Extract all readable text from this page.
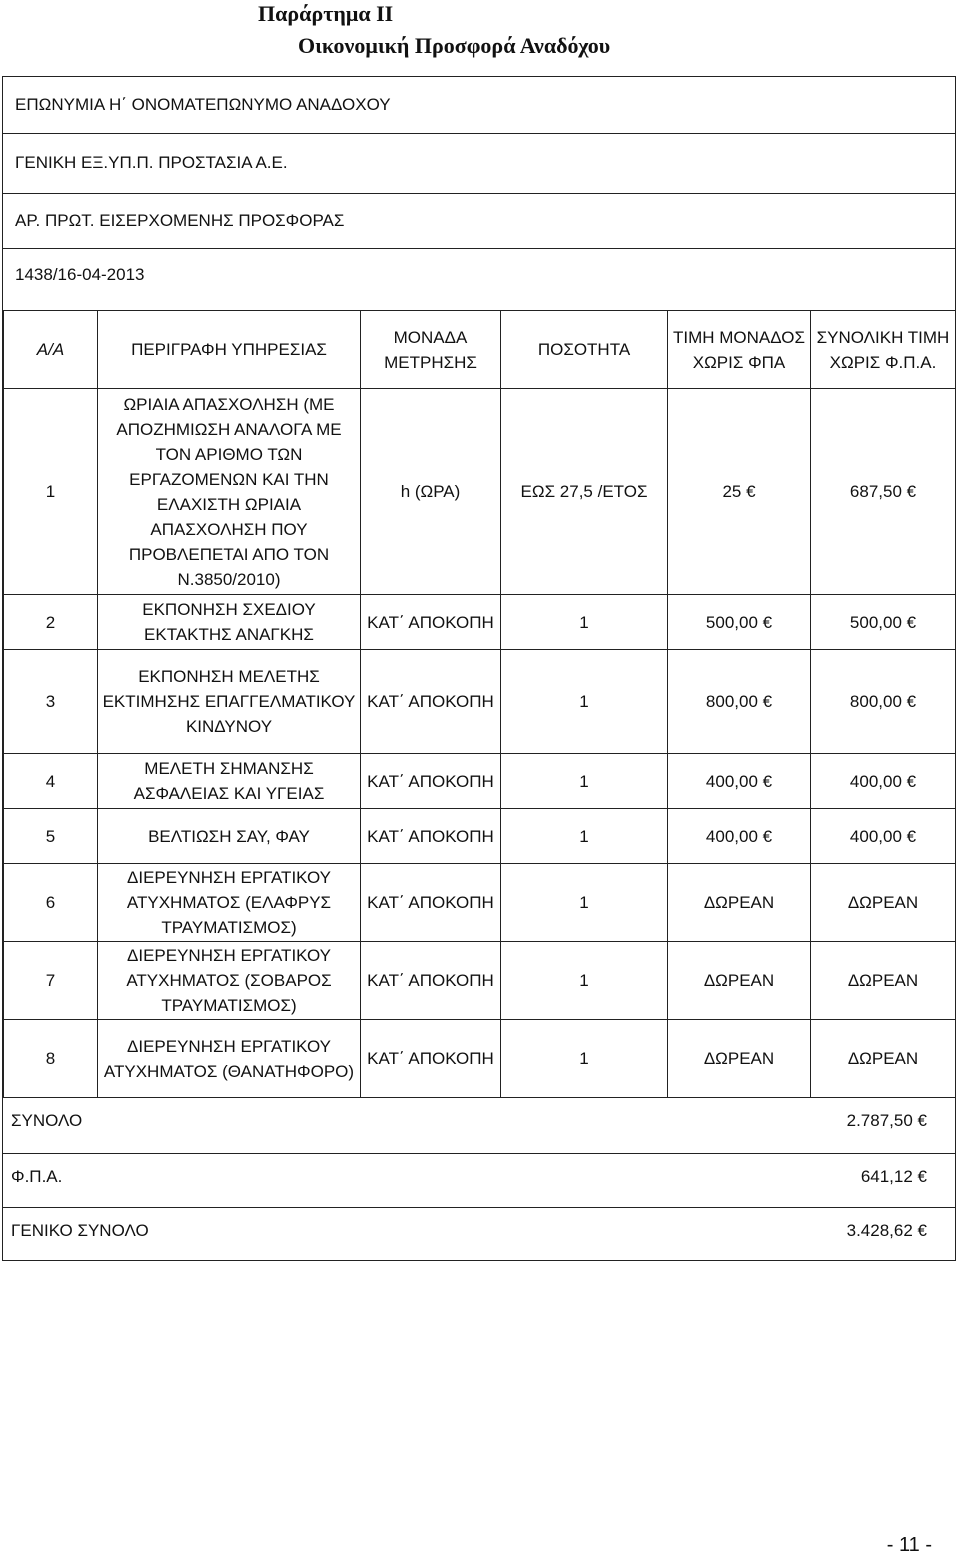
Παράρτημα ΙΙ
Οικονομική Προσφορά Αναδόχου
ΕΠΩΝΥΜΙΑ Η΄ ΟΝΟΜΑΤΕΠΩΝΥΜΟ ΑΝΑΔΟΧΟΥ
ΓΕΝΙΚΗ ΕΞ.ΥΠ.Π. ΠΡΟΣΤΑΣΙΑ Α.Ε.
ΑΡ. ΠΡΩΤ. ΕΙΣΕΡΧΟΜΕΝΗΣ ΠΡΟΣΦΟΡΑΣ
1438/16-04-2013
Α/Α	ΠΕΡΙΓΡΑΦΗ ΥΠΗΡΕΣΙΑΣ	ΜΟΝΑΔΑ ΜΕΤΡΗΣΗΣ	ΠΟΣΟΤΗΤΑ	ΤΙΜΗ ΜΟΝΑΔΟΣ ΧΩΡΙΣ ΦΠΑ	ΣΥΝΟΛΙΚΗ ΤΙΜΗ ΧΩΡΙΣ Φ.Π.Α.
1	ΩΡΙΑΙΑ ΑΠΑΣΧΟΛΗΣΗ (ΜΕ ΑΠΟΖΗΜΙΩΣΗ ΑΝΑΛΟΓΑ ΜΕ ΤΟΝ ΑΡΙΘΜΟ ΤΩΝ ΕΡΓΑΖΟΜΕΝΩΝ ΚΑΙ ΤΗΝ ΕΛΑΧΙΣΤΗ ΩΡΙΑΙΑ ΑΠΑΣΧΟΛΗΣΗ ΠΟΥ ΠΡΟΒΛΕΠΕΤΑΙ ΑΠΟ ΤΟΝ Ν.3850/2010)	h (ΩΡΑ)	ΕΩΣ 27,5 /ΕΤΟΣ	25 €	687,50 €
2	ΕΚΠΟΝΗΣΗ ΣΧΕΔΙΟΥ ΕΚΤΑΚΤΗΣ ΑΝΑΓΚΗΣ	ΚΑΤ΄ ΑΠΟΚΟΠΗ	1	500,00 €	500,00 €
3	ΕΚΠΟΝΗΣΗ ΜΕΛΕΤΗΣ ΕΚΤΙΜΗΣΗΣ ΕΠΑΓΓΕΛΜΑΤΙΚΟΥ ΚΙΝΔΥΝΟΥ	ΚΑΤ΄ ΑΠΟΚΟΠΗ	1	800,00 €	800,00 €
4	ΜΕΛΕΤΗ ΣΗΜΑΝΣΗΣ ΑΣΦΑΛΕΙΑΣ ΚΑΙ ΥΓΕΙΑΣ	ΚΑΤ΄ ΑΠΟΚΟΠΗ	1	400,00 €	400,00 €
5	ΒΕΛΤΙΩΣΗ ΣΑΥ, ΦΑΥ	ΚΑΤ΄ ΑΠΟΚΟΠΗ	1	400,00 €	400,00 €
6	ΔΙΕΡΕΥΝΗΣΗ ΕΡΓΑΤΙΚΟΥ ΑΤΥΧΗΜΑΤΟΣ (ΕΛΑΦΡΥΣ ΤΡΑΥΜΑΤΙΣΜΟΣ)	ΚΑΤ΄ ΑΠΟΚΟΠΗ	1	ΔΩΡΕΑΝ	ΔΩΡΕΑΝ
7	ΔΙΕΡΕΥΝΗΣΗ ΕΡΓΑΤΙΚΟΥ ΑΤΥΧΗΜΑΤΟΣ (ΣΟΒΑΡΟΣ ΤΡΑΥΜΑΤΙΣΜΟΣ)	ΚΑΤ΄ ΑΠΟΚΟΠΗ	1	ΔΩΡΕΑΝ	ΔΩΡΕΑΝ
8	ΔΙΕΡΕΥΝΗΣΗ ΕΡΓΑΤΙΚΟΥ ΑΤΥΧΗΜΑΤΟΣ (ΘΑΝΑΤΗΦΟΡΟ)	ΚΑΤ΄ ΑΠΟΚΟΠΗ	1	ΔΩΡΕΑΝ	ΔΩΡΕΑΝ
ΣΥΝΟΛΟ	2.787,50 €
Φ.Π.Α.	641,12 €
ΓΕΝΙΚΟ ΣΥΝΟΛΟ	3.428,62 €
- 11 -
